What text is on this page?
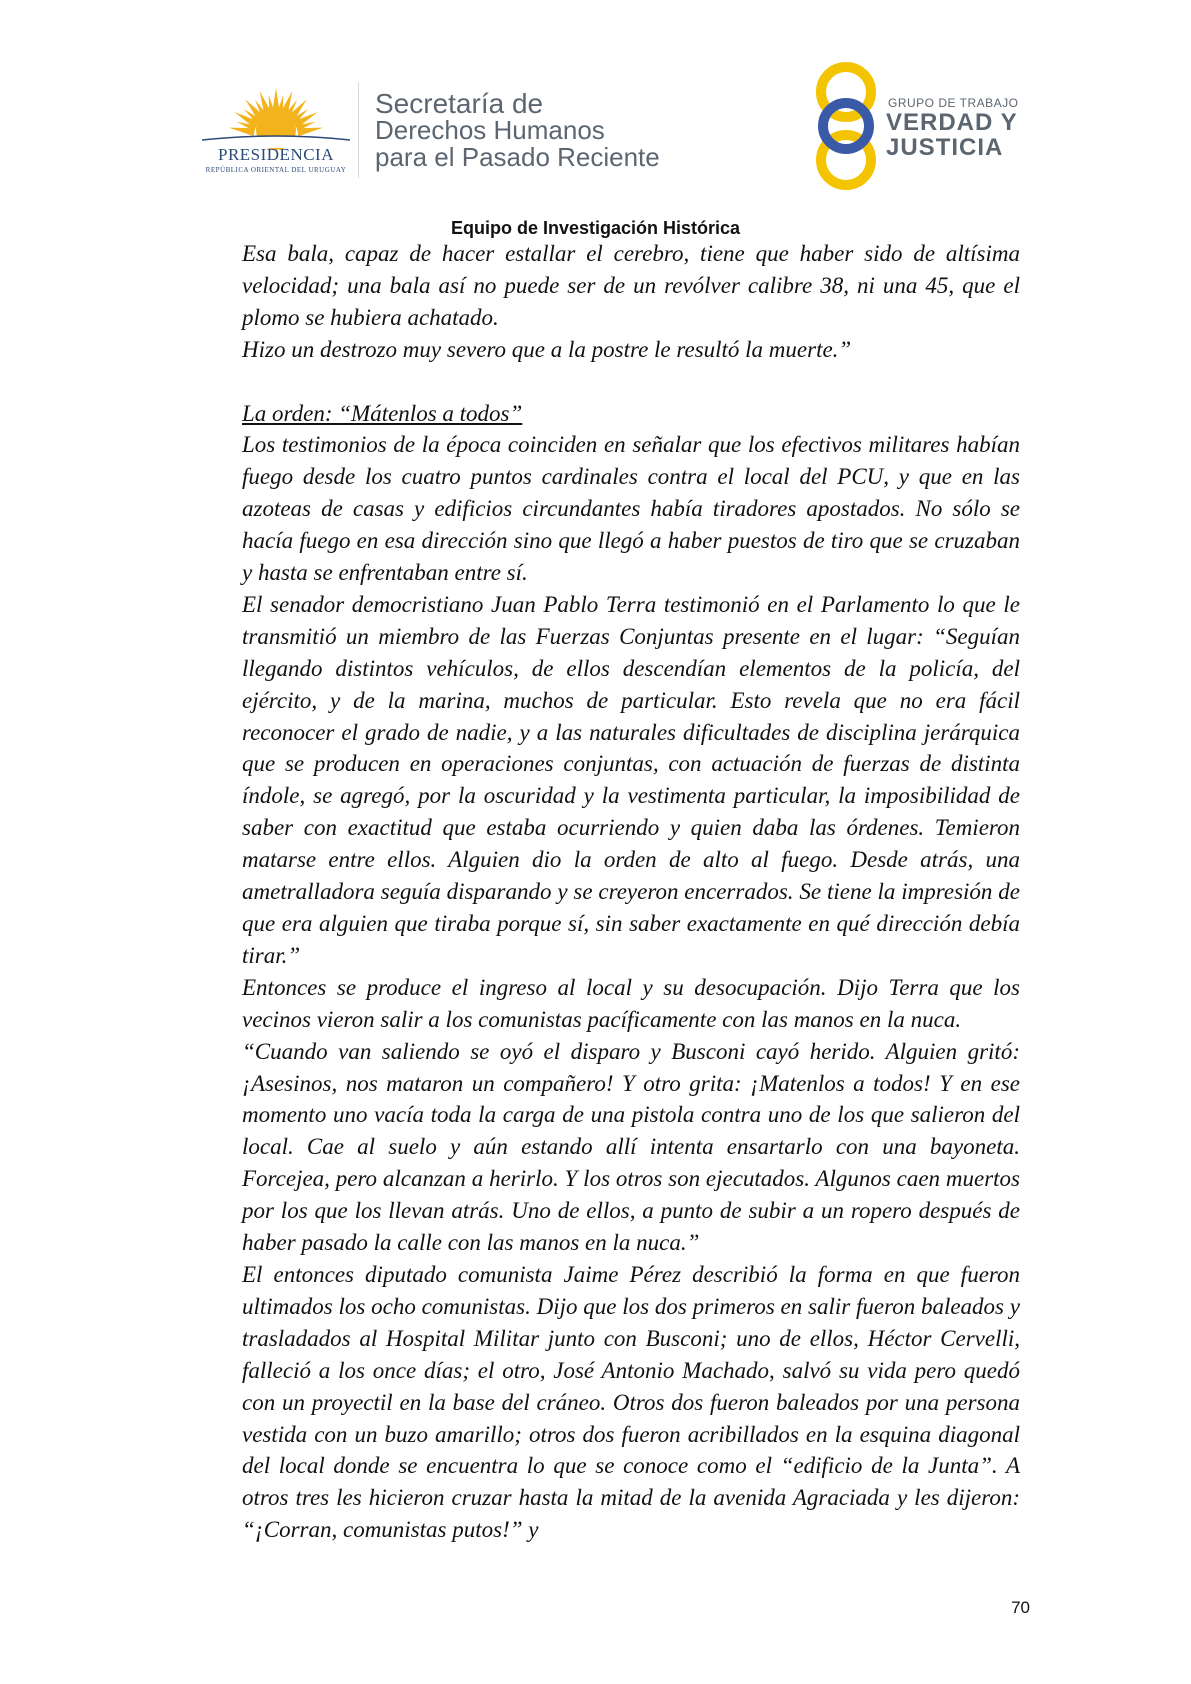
PRESIDENCIA
REPÚBLICA ORIENTAL DEL URUGUAY
Secretaría de
Derechos Humanos
para el Pasado Reciente
GRUPO DE TRABAJO
VERDAD Y
JUSTICIA
Equipo de Investigación Histórica

Esa bala, capaz de hacer estallar el cerebro, tiene que haber sido de altísima velocidad; una bala así no puede ser de un revólver calibre 38, ni una 45, que el plomo se hubiera achatado.

Hizo un destrozo muy severo que a la postre le resultó la muerte.”

La orden: “Mátenlos a todos”

Los testimonios de la época coinciden en señalar que los efectivos militares habían fuego desde los cuatro puntos cardinales contra el local del PCU, y que en las azoteas de casas y edificios circundantes había tiradores apostados. No sólo se hacía fuego en esa dirección sino que llegó a haber puestos de tiro que se cruzaban y hasta se enfrentaban entre sí.

El senador democristiano Juan Pablo Terra testimonió en el Parlamento lo que le transmitió un miembro de las Fuerzas Conjuntas presente en el lugar: “Seguían llegando distintos vehículos, de ellos descendían elementos de la policía, del ejército, y de la marina, muchos de particular. Esto revela que no era fácil reconocer el grado de nadie, y a las naturales dificultades de disciplina jerárquica que se producen en operaciones conjuntas, con actuación de fuerzas de distinta índole, se agregó, por la oscuridad y la vestimenta particular, la imposibilidad de saber con exactitud que estaba ocurriendo y quien daba las órdenes. Temieron matarse entre ellos. Alguien dio la orden de alto al fuego. Desde atrás, una ametralladora seguía disparando y se creyeron encerrados. Se tiene la impresión de que era alguien que tiraba porque sí, sin saber exactamente en qué dirección debía tirar.”

Entonces se produce el ingreso al local y su desocupación. Dijo Terra que los vecinos vieron salir a los comunistas pacíficamente con las manos en la nuca.

“Cuando van saliendo se oyó el disparo y Busconi cayó herido. Alguien gritó: ¡Asesinos, nos mataron un compañero! Y otro grita: ¡Matenlos a todos! Y en ese momento uno vacía toda la carga de una pistola contra uno de los que salieron del local. Cae al suelo y aún estando allí intenta ensartarlo con una bayoneta. Forcejea, pero alcanzan a herirlo. Y los otros son ejecutados. Algunos caen muertos por los que los llevan atrás. Uno de ellos, a punto de subir a un ropero después de haber pasado la calle con las manos en la nuca.”

El entonces diputado comunista Jaime Pérez describió la forma en que fueron ultimados los ocho comunistas. Dijo que los dos primeros en salir fueron baleados y trasladados al Hospital Militar junto con Busconi; uno de ellos, Héctor Cervelli, falleció a los once días; el otro, José Antonio Machado, salvó su vida pero quedó con un proyectil en la base del cráneo. Otros dos fueron baleados por una persona vestida con un buzo amarillo; otros dos fueron acribillados en la esquina diagonal del local donde se encuentra lo que se conoce como el “edificio de la Junta”. A otros tres les hicieron cruzar hasta la mitad de la avenida Agraciada y les dijeron: “¡Corran, comunistas putos!” y

70
